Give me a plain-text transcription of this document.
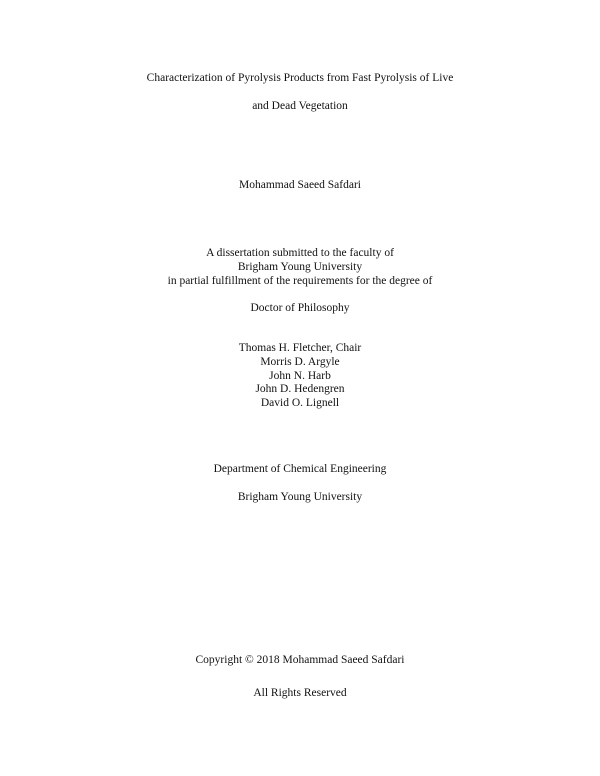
Characterization of Pyrolysis Products from Fast Pyrolysis of Live
and Dead Vegetation
Mohammad Saeed Safdari
A dissertation submitted to the faculty of
Brigham Young University
in partial fulfillment of the requirements for the degree of
Doctor of Philosophy
Thomas H. Fletcher, Chair
Morris D. Argyle
John N. Harb
John D. Hedengren
David O. Lignell
Department of Chemical Engineering
Brigham Young University
Copyright © 2018 Mohammad Saeed Safdari
All Rights Reserved
